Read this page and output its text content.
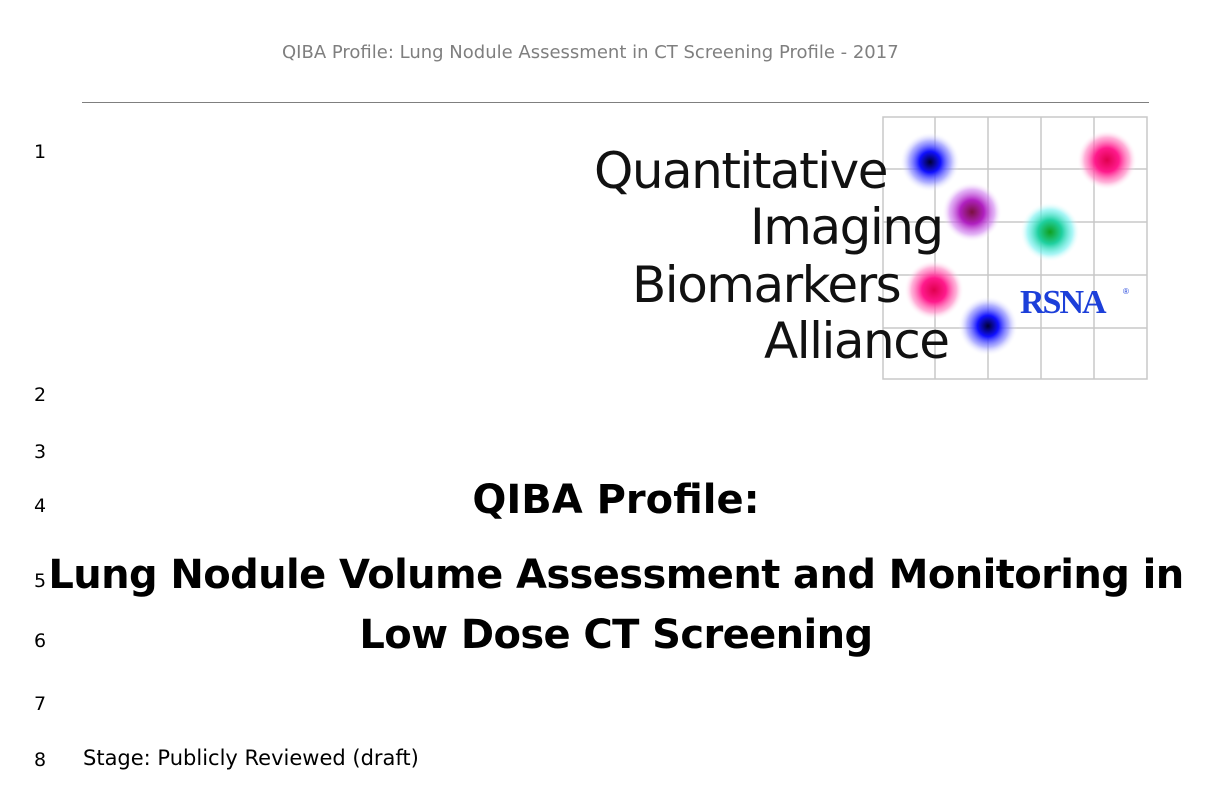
QIBA Profile: Lung Nodule Assessment in CT Screening Profile - 2017
1
2
3
4
5
6
7
8
RSNA	®
Quantitative
Imaging
Biomarkers
Alliance
QIBA Profile:
Lung Nodule Volume Assessment and Monitoring in
Low Dose CT Screening
Stage: Publicly Reviewed (draft)
